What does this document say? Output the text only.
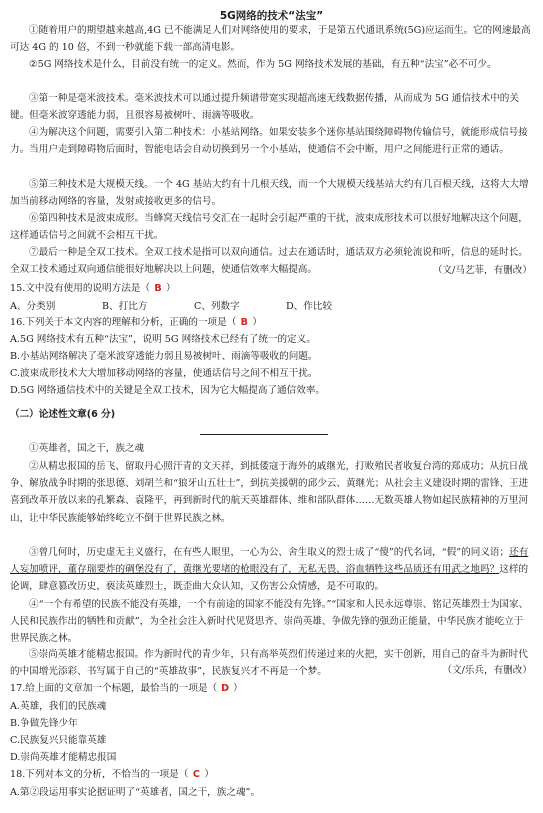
5G网络的技术“法宝”

①随着用户的期望越来越高,4G 已不能满足人们对网络使用的要求，于是第五代通讯系统(5G)应运而生。它的网速最高可达 4G 的 10 倍，不到一秒就能下载一部高清电影。

②5G 网络技术是什么，目前没有统一的定义。然而，作为 5G 网络技术发展的基础，有五种“法宝”必不可少。

③第一种是毫米波技术。毫米波技术可以通过提升频谱带宽实现超高速无线数据传播，从而成为 5G 通信技术中的关键。但毫米波穿透能力弱，且很容易被树叶、雨滴等吸收。

④为解决这个问题，需要引入第二种技术：小基站网络。如果安装多个迷你基站围绕障碍物传输信号，就能形成信号接力。当用户走到障碍物后面时，智能电话会自动切换到另一个小基站，使通信不会中断，用户之间能进行正常的通话。

⑤第三种技术是大规模天线。一个 4G 基站大约有十几根天线，而一个大规模天线基站大约有几百根天线，这将大大增加当前移动网络的容量，发射或接收更多的信号。

⑥第四种技术是波束成形。当蜂窝天线信号交汇在一起时会引起严重的干扰，波束成形技术可以很好地解决这个问题，这样通话信号之间就不会相互干扰。

⑦最后一种是全双工技术。全双工技术是指可以双向通信。过去在通话时，通话双方必须轮流说和听，信息的延时长。全双工技术通过双向通信能很好地解决以上问题，使通信效率大幅提高。	（文/马艺菲，有删改）

15.文中没有使用的说明方法是（ B ）

A、分类别	B、打比方	C、列数字	D、作比较

16.下列关于本文内容的理解和分析，正确的一项是（ B ）

A.5G 网络技术有五种“法宝”，说明 5G 网络技术已经有了统一的定义。

B.小基站网络解决了毫米波穿透能力弱且易被树叶、雨滴等吸收的问题。

C.波束成形技术大大增加移动网络的容量，使通话信号之间不相互干扰。

D.5G 网络通信技术中的关键是全双工技术，因为它大幅提高了通信效率。

（二）论述性文章(6 分)

①英雄者，国之干，族之魂

②从精忠报国的岳飞、留取丹心照汗青的文天祥，到抵倭寇于海外的戚继光，打败殖民者收复台湾的郑成功；从抗日战争、解放战争时期的张思德、刘胡兰和“狼牙山五壮士”，到抗美援朝的邱少云、黄继光；从社会主义建设时期的雷锋、王进喜到改革开放以来的孔繁森、袁隆平，再到新时代的航天英雄群体、维和部队群体……无数英雄人物如起民族精神的万里河山，让中华民族能够始终屹立不倒于世界民族之林。

③曾几何时，历史虚无主义盛行，在有些人眼里，一心为公、舍生取义的烈士成了“傻”的代名词，“假”的同义语；还有人妄加喷评，董存瑞要炸的碉堡没有了，黄继光要堵的枪眼没有了，无私无畏、浴血牺牲这些品质还有用武之地吗？这样的论调，肆意篡改历史，亵渎英雄烈士，既歪曲大众认知，又伤害公众情感，是不可取的。

④“一个有希望的民族不能没有英雄，一个有前途的国家不能没有先锋。”“国家和人民永远尊崇、铭记英雄烈士为国家、人民和民族作出的牺牲和贡献”，为全社会注入新时代见贤思齐、崇尚英雄、争做先锋的强劲正能量，中华民族才能屹立于世界民族之林。

⑤崇尚英雄才能精忠报国。作为新时代的青少年，只有高举英烈们传递过来的火把，实干创新，用自己的奋斗为新时代的中国增光添彩、书写属于自己的“英雄故事”，民族复兴才不再是一个梦。	（文/乐兵，有删改）

17.给上面的文章加一个标题，最恰当的一项是（ D ）

A.英雄，我们的民族魂

B.争做先锋少年

C.民族复兴只能靠英雄

D.崇尚英雄才能精忠报国

18.下列对本文的分析，不恰当的一项是（ C ）

A.第②段运用事实论据证明了“英雄者，国之干，族之魂”。
